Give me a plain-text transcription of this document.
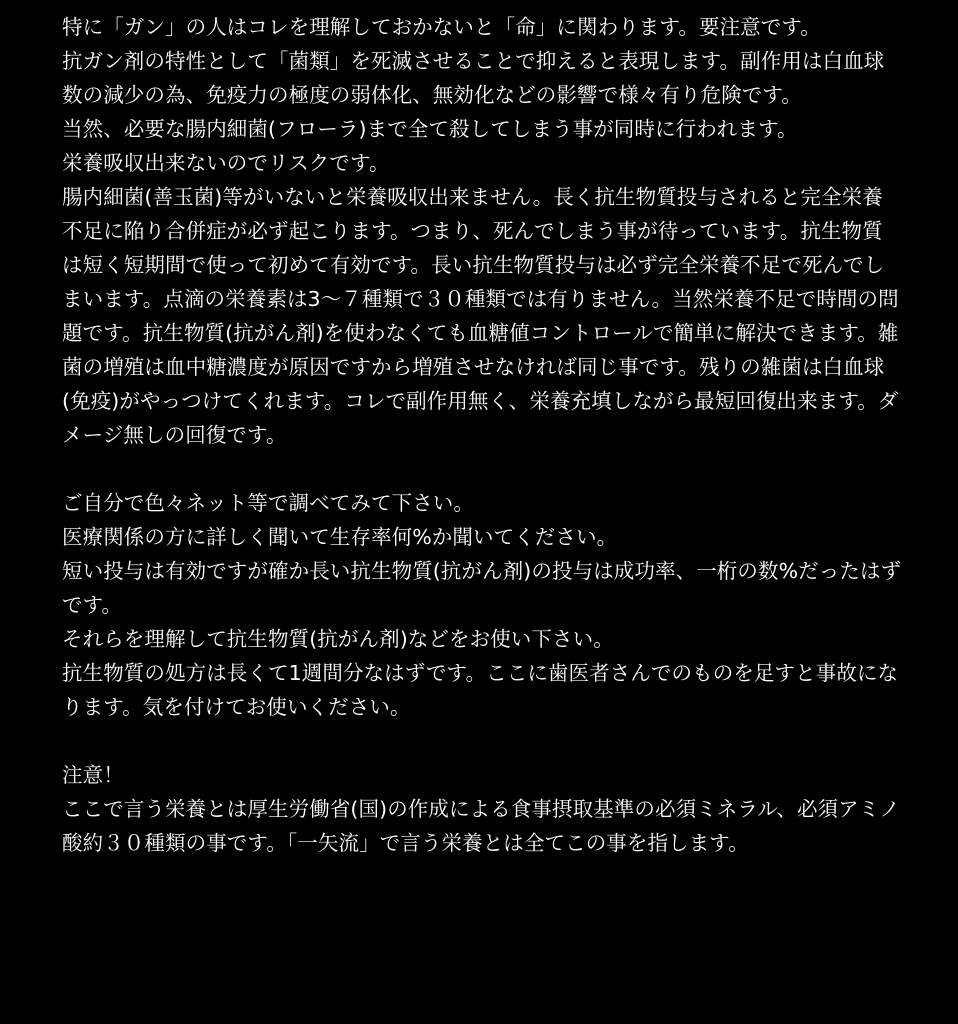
特に「ガン」の人はコレを理解しておかないと「命」に関わります。要注意です。

抗ガン剤の特性として「菌類」を死滅させることで抑えると表現します。副作用は白血球数の減少の為、免疫力の極度の弱体化、無効化などの影響で様々有り危険です。

当然、必要な腸内細菌(フローラ)まで全て殺してしまう事が同時に行われます。

栄養吸収出来ないのでリスクです。

腸内細菌(善玉菌)等がいないと栄養吸収出来ません。長く抗生物質投与されると完全栄養不足に陥り合併症が必ず起こります。つまり、死んでしまう事が待っています。抗生物質は短く短期間で使って初めて有効です。長い抗生物質投与は必ず完全栄養不足で死んでしまいます。点滴の栄養素は3〜７種類で３０種類では有りません。当然栄養不足で時間の問題です。抗生物質(抗がん剤)を使わなくても血糖値コントロールで簡単に解決できます。雑菌の増殖は血中糖濃度が原因ですから増殖させなければ同じ事です。残りの雑菌は白血球(免疫)がやっつけてくれます。コレで副作用無く、栄養充填しながら最短回復出来ます。ダメージ無しの回復です。

ご自分で色々ネット等で調べてみて下さい。

医療関係の方に詳しく聞いて生存率何%か聞いてください。

短い投与は有効ですが確か長い抗生物質(抗がん剤)の投与は成功率、一桁の数%だったはずです。

それらを理解して抗生物質(抗がん剤)などをお使い下さい。

抗生物質の処方は長くて1週間分なはずです。ここに歯医者さんでのものを足すと事故になります。気を付けてお使いください。

注意！

ここで言う栄養とは厚生労働省(国)の作成による食事摂取基準の必須ミネラル、必須アミノ酸約３０種類の事です。「一矢流」で言う栄養とは全てこの事を指します。
